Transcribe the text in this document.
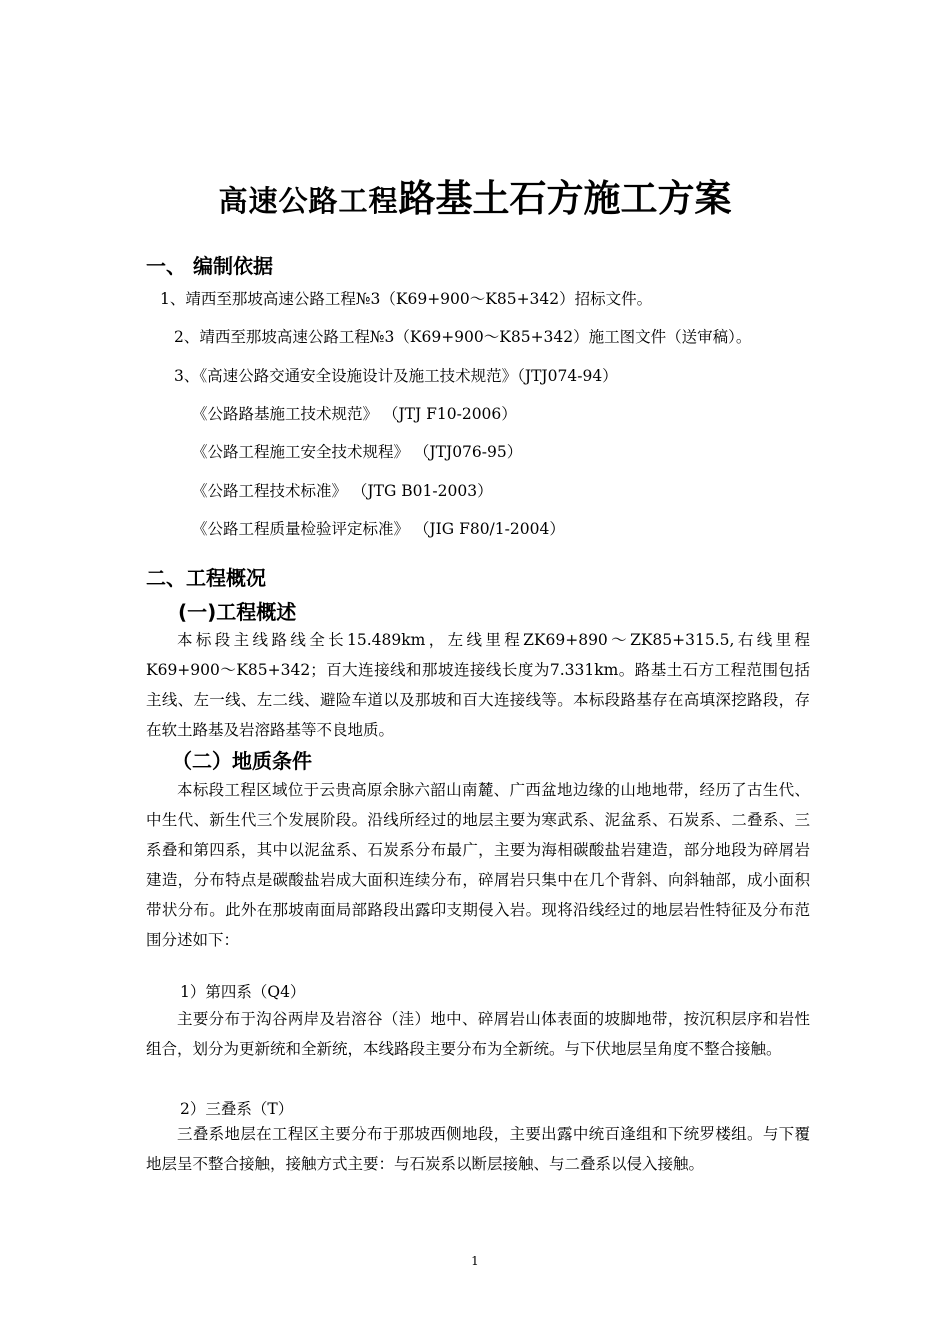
高速公路工程路基土石方施工方案
一、 编制依据
1、靖西至那坡高速公路工程№3（K69+900～K85+342）招标文件。
2、靖西至那坡高速公路工程№3（K69+900～K85+342）施工图文件（送审稿）。
3、《高速公路交通安全设施设计及施工技术规范》（JTJ074-94）
《公路路基施工技术规范》 （JTJ F10-2006）
《公路工程施工安全技术规程》 （JTJ076-95）
《公路工程技术标准》 （JTG B01-2003）
《公路工程质量检验评定标准》 （JIG F80/1-2004）
二、工程概况
(一)工程概述

本标段主线路线全长15.489km，左线里程ZK69+890～ZK85+315.5,右线里程K69+900～K85+342；百大连接线和那坡连接线长度为7.331km。路基土石方工程范围包括主线、左一线、左二线、避险车道以及那坡和百大连接线等。本标段路基存在高填深挖路段，存在软土路基及岩溶路基等不良地质。

（二）地质条件

本标段工程区域位于云贵高原余脉六韶山南麓、广西盆地边缘的山地地带，经历了古生代、中生代、新生代三个发展阶段。沿线所经过的地层主要为寒武系、泥盆系、石炭系、二叠系、三系叠和第四系，其中以泥盆系、石炭系分布最广，主要为海相碳酸盐岩建造，部分地段为碎屑岩建造，分布特点是碳酸盐岩成大面积连续分布，碎屑岩只集中在几个背斜、向斜轴部，成小面积带状分布。此外在那坡南面局部路段出露印支期侵入岩。现将沿线经过的地层岩性特征及分布范围分述如下：

1）第四系（Q4）

主要分布于沟谷两岸及岩溶谷（洼）地中、碎屑岩山体表面的坡脚地带，按沉积层序和岩性组合，划分为更新统和全新统，本线路段主要分布为全新统。与下伏地层呈角度不整合接触。

2）三叠系（T）

三叠系地层在工程区主要分布于那坡西侧地段，主要出露中统百逢组和下统罗楼组。与下覆地层呈不整合接触，接触方式主要：与石炭系以断层接触、与二叠系以侵入接触。

1
